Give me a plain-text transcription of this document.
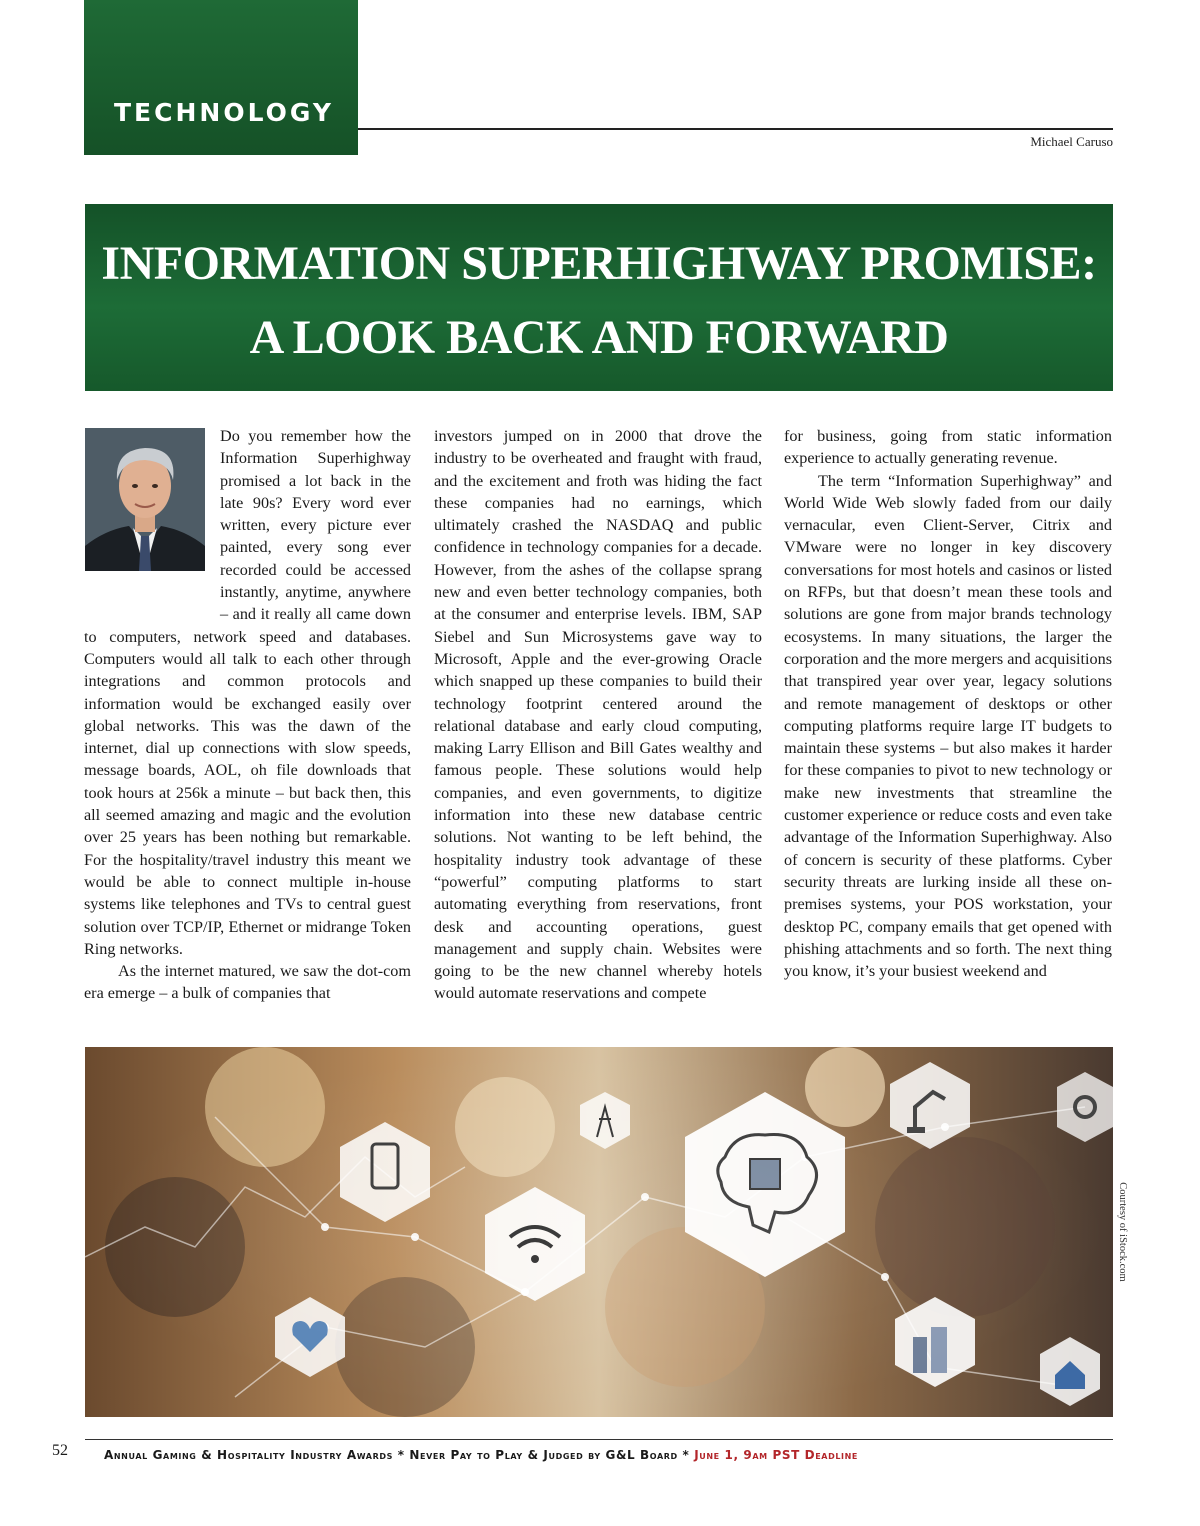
TECHNOLOGY
Michael Caruso
INFORMATION SUPERHIGHWAY PROMISE:
A LOOK BACK AND FORWARD

Do you remember how the Information Superhighway promised a lot back in the late 90s? Every word ever written, every picture ever painted, every song ever recorded could be accessed instantly, anytime, anywhere – and it really all came down to computers, network speed and databases. Computers would all talk to each other through integrations and common protocols and information would be exchanged easily over global networks. This was the dawn of the internet, dial up connections with slow speeds, message boards, AOL, oh file downloads that took hours at 256k a minute – but back then, this all seemed amazing and magic and the evolution over 25 years has been nothing but remarkable. For the hospitality/travel industry this meant we would be able to connect multiple in-house systems like telephones and TVs to central guest solution over TCP/IP, Ethernet or midrange Token Ring networks.

As the internet matured, we saw the dot-com era emerge – a bulk of companies that

investors jumped on in 2000 that drove the industry to be overheated and fraught with fraud, and the excitement and froth was hiding the fact these companies had no earnings, which ultimately crashed the NASDAQ and public confidence in technology companies for a decade. However, from the ashes of the collapse sprang new and even better technology companies, both at the consumer and enterprise levels. IBM, SAP Siebel and Sun Microsystems gave way to Microsoft, Apple and the ever-growing Oracle which snapped up these companies to build their technology footprint centered around the relational database and early cloud computing, making Larry Ellison and Bill Gates wealthy and famous people. These solutions would help companies, and even governments, to digitize information into these new database centric solutions. Not wanting to be left behind, the hospitality industry took advantage of these “powerful” computing platforms to start automating everything from reservations, front desk and accounting operations, guest management and supply chain. Websites were going to be the new channel whereby hotels would automate reservations and compete

for business, going from static information experience to actually generating revenue.

The term “Information Superhighway” and World Wide Web slowly faded from our daily vernacular, even Client-Server, Citrix and VMware were no longer in key discovery conversations for most hotels and casinos or listed on RFPs, but that doesn’t mean these tools and solutions are gone from major brands technology ecosystems. In many situations, the larger the corporation and the more mergers and acquisitions that transpired year over year, legacy solutions and remote management of desktops or other computing platforms require large IT budgets to maintain these systems – but also makes it harder for these companies to pivot to new technology or make new investments that streamline the customer experience or reduce costs and even take advantage of the Information Superhighway. Also of concern is security of these platforms. Cyber security threats are lurking inside all these on-premises systems, your POS workstation, your desktop PC, company emails that get opened with phishing attachments and so forth. The next thing you know, it’s your busiest weekend and

Courtesy of iStock.com
52	Annual Gaming & Hospitality Industry Awards * Never Pay to Play & Judged by G&L Board * June 1, 9am PST Deadline
